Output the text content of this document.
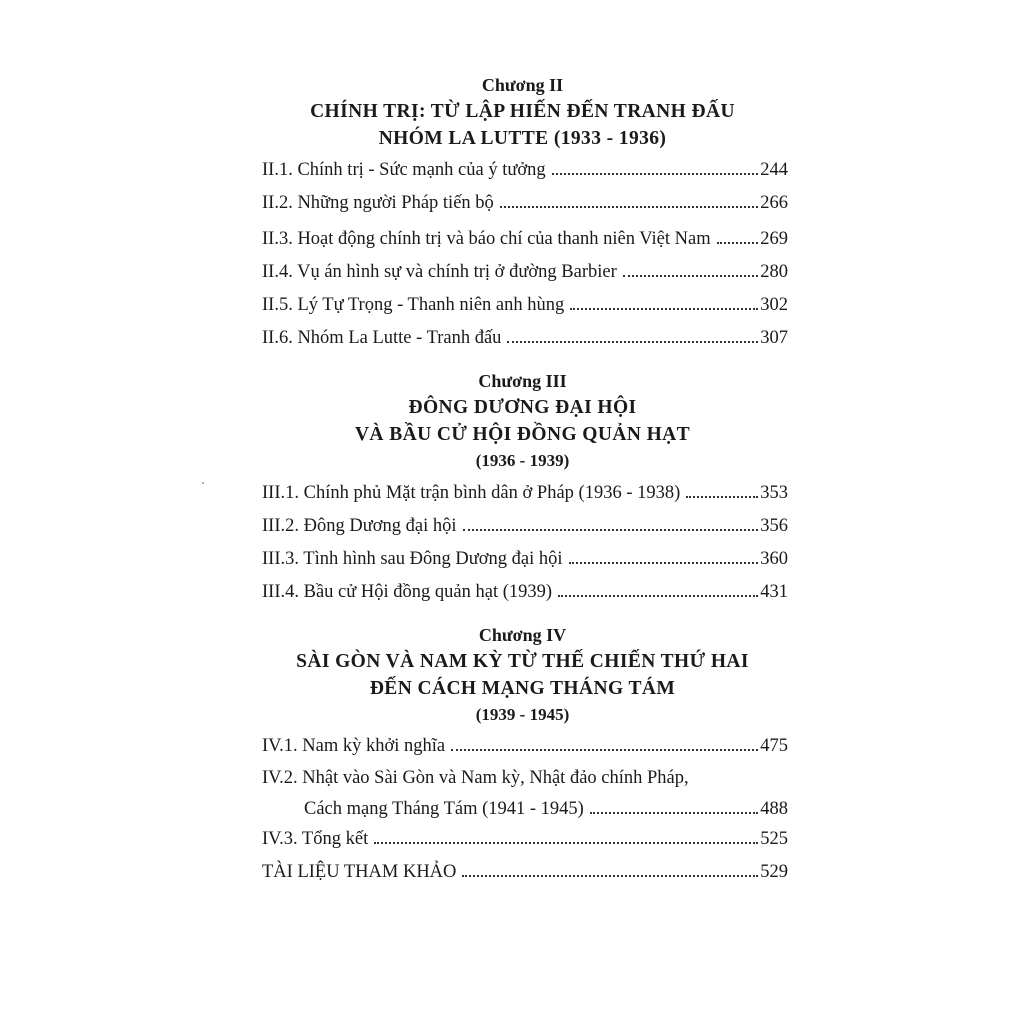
Chương II
CHÍNH TRỊ: TỪ LẬP HIẾN ĐẾN TRANH ĐẤU
NHÓM LA LUTTE (1933 - 1936)
II.1. Chính trị - Sức mạnh của ý tưởng	244
II.2. Những người Pháp tiến bộ	266
II.3. Hoạt động chính trị và báo chí của thanh niên Việt Nam	269
II.4. Vụ án hình sự và chính trị ở đường Barbier	280
II.5. Lý Tự Trọng - Thanh niên anh hùng	302
II.6. Nhóm La Lutte - Tranh đấu	307
Chương III
ĐÔNG DƯƠNG ĐẠI HỘI
VÀ BẦU CỬ HỘI ĐỒNG QUẢN HẠT
(1936 - 1939)
III.1. Chính phủ Mặt trận bình dân ở Pháp (1936 - 1938)	353
III.2. Đông Dương đại hội	356
III.3. Tình hình sau Đông Dương đại hội	360
III.4. Bầu cử Hội đồng quản hạt (1939)	431
Chương IV
SÀI GÒN VÀ NAM KỲ TỪ THẾ CHIẾN THỨ HAI
ĐẾN CÁCH MẠNG THÁNG TÁM
(1939 - 1945)
IV.1. Nam kỳ khởi nghĩa	475
IV.2. Nhật vào Sài Gòn và Nam kỳ, Nhật đảo chính Pháp,
Cách mạng Tháng Tám (1941 - 1945)	488
IV.3. Tổng kết	525
TÀI LIỆU THAM KHẢO	529
